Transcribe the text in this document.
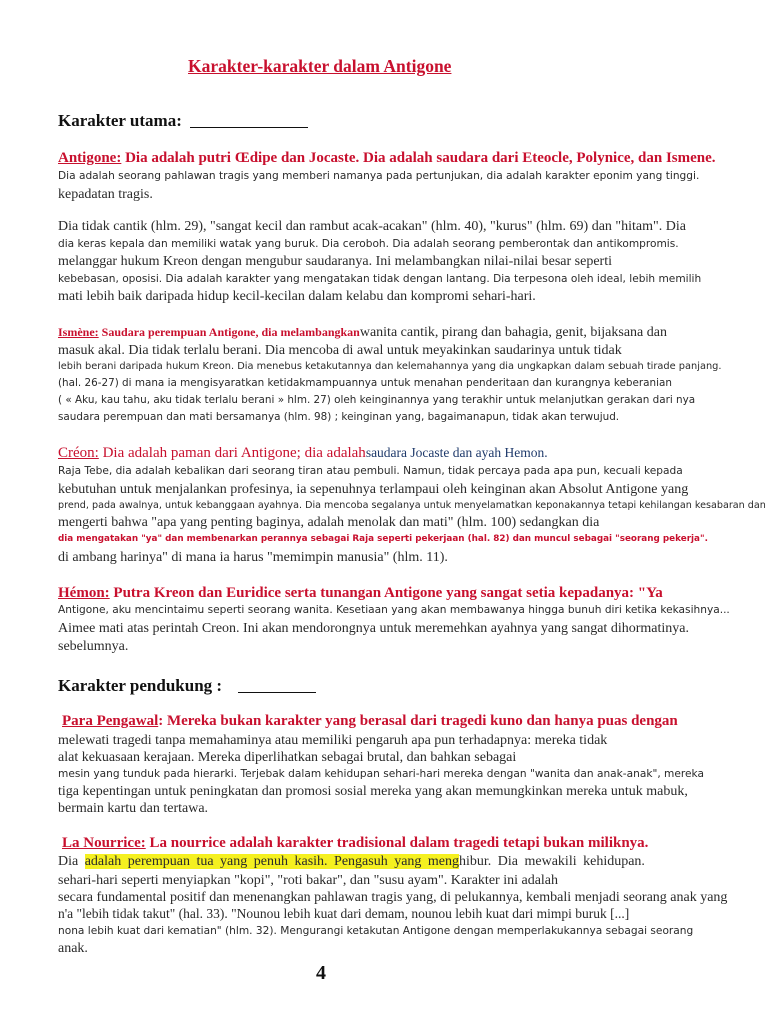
Karakter-karakter dalam Antigone
Karakter utama:
Antigone: Dia adalah putri Œdipe dan Jocaste. Dia adalah saudara dari Eteocle, Polynice, dan Ismene.
Dia adalah seorang pahlawan tragis yang memberi namanya pada pertunjukan, dia adalah karakter eponim yang tinggi.
kepadatan tragis.
Dia tidak cantik (hlm. 29), "sangat kecil dan rambut acak-acakan" (hlm. 40), "kurus" (hlm. 69) dan "hitam". Dia
dia keras kepala dan memiliki watak yang buruk. Dia ceroboh. Dia adalah seorang pemberontak dan antikompromis.
melanggar hukum Kreon dengan mengubur saudaranya. Ini melambangkan nilai-nilai besar seperti
kebebasan, oposisi. Dia adalah karakter yang mengatakan tidak dengan lantang. Dia terpesona oleh ideal, lebih memilih
mati lebih baik daripada hidup kecil-kecilan dalam kelabu dan kompromi sehari-hari.
Ismène: Saudara perempuan Antigone, dia melambangkanwanita cantik, pirang dan bahagia, genit, bijaksana dan
masuk akal. Dia tidak terlalu berani. Dia mencoba di awal untuk meyakinkan saudarinya untuk tidak
lebih berani daripada hukum Kreon. Dia menebus ketakutannya dan kelemahannya yang dia ungkapkan dalam sebuah tirade panjang.
(hal. 26-27) di mana ia mengisyaratkan ketidakmampuannya untuk menahan penderitaan dan kurangnya keberanian
( « Aku, kau tahu, aku tidak terlalu berani » hlm. 27) oleh keinginannya yang terakhir untuk melanjutkan gerakan dari nya
saudara perempuan dan mati bersamanya (hlm. 98) ; keinginan yang, bagaimanapun, tidak akan terwujud.
Créon: Dia adalah paman dari Antigone; dia adalahsaudara Jocaste dan ayah Hemon.
Raja Tebe, dia adalah kebalikan dari seorang tiran atau pembuli. Namun, tidak percaya pada apa pun, kecuali kepada
kebutuhan untuk menjalankan profesinya, ia sepenuhnya terlampaui oleh keinginan akan Absolut Antigone yang
prend, pada awalnya, untuk kebanggaan ayahnya. Dia mencoba segalanya untuk menyelamatkan keponakannya tetapi kehilangan kesabaran dan
mengerti bahwa "apa yang penting baginya, adalah menolak dan mati" (hlm. 100) sedangkan dia
dia mengatakan "ya" dan membenarkan perannya sebagai Raja seperti pekerjaan (hal. 82) dan muncul sebagai "seorang pekerja".
di ambang harinya" di mana ia harus "memimpin manusia" (hlm. 11).
Hémon: Putra Kreon dan Euridice serta tunangan Antigone yang sangat setia kepadanya: "Ya
Antigone, aku mencintaimu seperti seorang wanita. Kesetiaan yang akan membawanya hingga bunuh diri ketika kekasihnya...
Aimee mati atas perintah Creon. Ini akan mendorongnya untuk meremehkan ayahnya yang sangat dihormatinya.
sebelumnya.
Karakter pendukung :
Para Pengawal: Mereka bukan karakter yang berasal dari tragedi kuno dan hanya puas dengan
melewati tragedi tanpa memahaminya atau memiliki pengaruh apa pun terhadapnya: mereka tidak
alat kekuasaan kerajaan. Mereka diperlihatkan sebagai brutal, dan bahkan sebagai
mesin yang tunduk pada hierarki. Terjebak dalam kehidupan sehari-hari mereka dengan "wanita dan anak-anak", mereka
tiga kepentingan untuk peningkatan dan promosi sosial mereka yang akan memungkinkan mereka untuk mabuk,
bermain kartu dan tertawa.
La Nourrice: La nourrice adalah karakter tradisional dalam tragedi tetapi bukan miliknya.
Dia adalah perempuan tua yang penuh kasih. Pengasuh yang menghibur. Dia mewakili kehidupan.
sehari-hari seperti menyiapkan "kopi", "roti bakar", dan "susu ayam". Karakter ini adalah
secara fundamental positif dan menenangkan pahlawan tragis yang, di pelukannya, kembali menjadi seorang anak yang
n'a "lebih tidak takut" (hal. 33). "Nounou lebih kuat dari demam, nounou lebih kuat dari mimpi buruk [...]
nona lebih kuat dari kematian" (hlm. 32). Mengurangi ketakutan Antigone dengan memperlakukannya sebagai seorang
anak.
4
